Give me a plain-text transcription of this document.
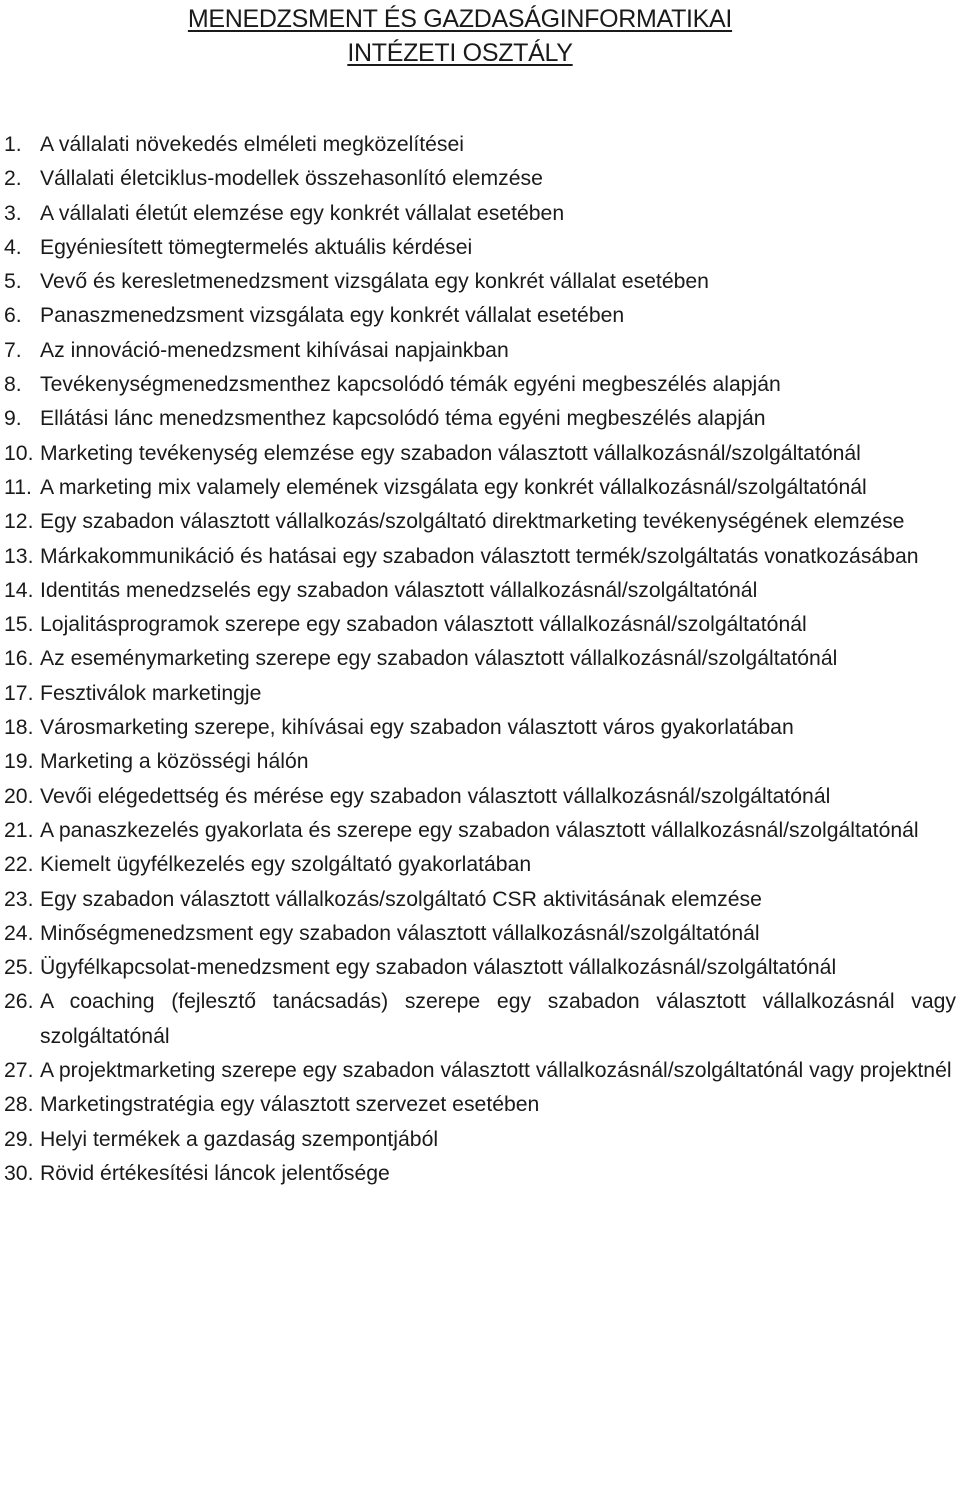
MENEDZSMENT ÉS GAZDASÁGINFORMATIKAI
INTÉZETI OSZTÁLY
1. A vállalati növekedés elméleti megközelítései
2. Vállalati életciklus-modellek összehasonlító elemzése
3. A vállalati életút elemzése egy konkrét vállalat esetében
4. Egyéniesített tömegtermelés aktuális kérdései
5. Vevő és keresletmenedzsment vizsgálata egy konkrét vállalat esetében
6. Panaszmenedzsment vizsgálata egy konkrét vállalat esetében
7. Az innováció-menedzsment kihívásai napjainkban
8. Tevékenységmenedzsmenthez kapcsolódó témák egyéni megbeszélés alapján
9. Ellátási lánc menedzsmenthez kapcsolódó téma egyéni megbeszélés alapján
10. Marketing tevékenység elemzése egy szabadon választott vállalkozásnál/szolgáltatónál
11. A marketing mix valamely elemének vizsgálata egy konkrét vállalkozásnál/szolgáltatónál
12. Egy szabadon választott vállalkozás/szolgáltató direktmarketing tevékenységének elemzése
13. Márkakommunikáció és hatásai egy szabadon választott termék/szolgáltatás vonatkozásában
14. Identitás menedzselés egy szabadon választott vállalkozásnál/szolgáltatónál
15. Lojalitásprogramok szerepe egy szabadon választott vállalkozásnál/szolgáltatónál
16. Az eseménymarketing szerepe egy szabadon választott vállalkozásnál/szolgáltatónál
17. Fesztiválok marketingje
18. Városmarketing szerepe, kihívásai egy szabadon választott város gyakorlatában
19. Marketing a közösségi hálón
20. Vevői elégedettség és mérése egy szabadon választott vállalkozásnál/szolgáltatónál
21. A panaszkezelés gyakorlata és szerepe egy szabadon választott vállalkozásnál/szolgáltatónál
22. Kiemelt ügyfélkezelés egy szolgáltató gyakorlatában
23. Egy szabadon választott vállalkozás/szolgáltató CSR aktivitásának elemzése
24. Minőségmenedzsment egy szabadon választott vállalkozásnál/szolgáltatónál
25. Ügyfélkapcsolat-menedzsment egy szabadon választott vállalkozásnál/szolgáltatónál
26. A coaching (fejlesztő tanácsadás) szerepe egy szabadon választott vállalkozásnál vagy szolgáltatónál
27. A projektmarketing szerepe egy szabadon választott vállalkozásnál/szolgáltatónál vagy projektnél
28. Marketingstratégia egy választott szervezet esetében
29. Helyi termékek a gazdaság szempontjából
30. Rövid értékesítési láncok jelentősége
